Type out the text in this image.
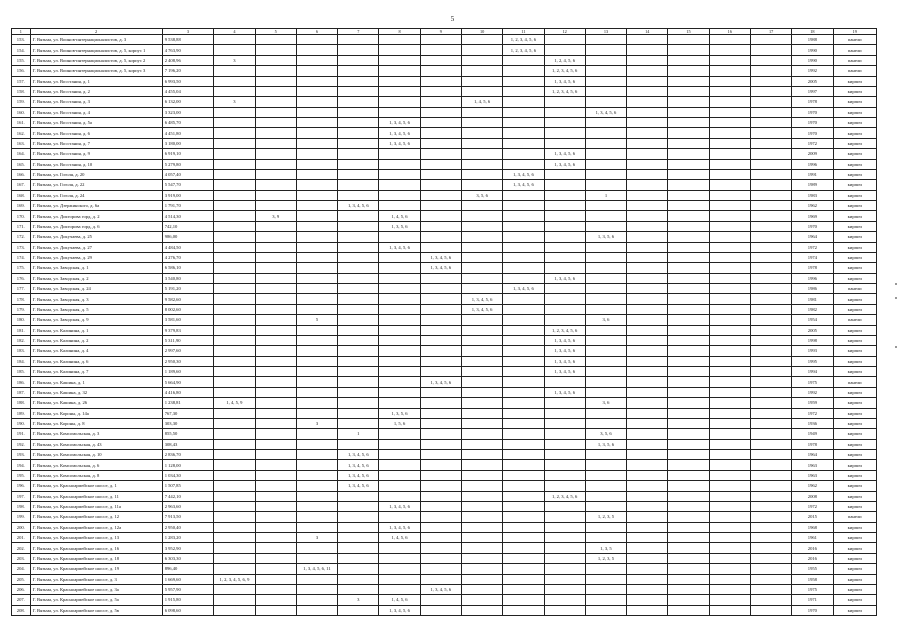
5
1	2	3	4	5	6	7	8	9	10	11	12	13	14	15	16	17	18	19
153.	Г. Вязьма, ул. Воинов-интернационалистов, д. 3	9 538,88								1, 2, 3, 4, 5, 6							1988	панели
154.	Г. Вязьма, ул. Воинов-интернационалистов, д. 5, корпус 1	4 763,90								1, 2, 3, 4, 5, 6							1990	панели
155.	Г. Вязьма, ул. Воинов-интернационалистов, д. 5, корпус 2	2 408,96	3								1, 2, 4, 5, 6						1990	панели
156.	Г. Вязьма, ул. Воинов-интернационалистов, д. 5, корпус 3	7 196,20									1, 2, 3, 4, 5, 6						1992	панели
157.	Г. Вязьма, ул. Восстания, д. 1	6 993,50									1, 3, 4, 5, 6						2005	кирпич
158.	Г. Вязьма, ул. Восстания, д. 2	4 455,04									1, 2, 3, 4, 5, 6						1997	кирпич
159.	Г. Вязьма, ул. Восстания, д. 3	6 132,00	3						1, 4, 5, 6								1978	кирпич
160.	Г. Вязьма, ул. Восстания, д. 4	3 323,00										1, 3, 4, 5, 6					1970	кирпич
161.	Г. Вязьма, ул. Восстания, д. 5а	6 485,70					1, 3, 4, 5, 6										1970	кирпич
162.	Г. Вязьма, ул. Восстания, д. 6	4 451,80					1, 3, 4, 5, 6										1970	кирпич
163.	Г. Вязьма, ул. Восстания, д. 7	3 180,00					1, 3, 4, 5, 6										1972	кирпич
164.	Г. Вязьма, ул. Восстания, д. 9	6 919,10									1, 3, 4, 5, 6						2009	кирпич
165.	Г. Вязьма, ул. Восстания, д. 10	5 279,80									1, 3, 4, 5, 6						1996	кирпич
166.	Г. Вязьма, ул. Гоголя, д. 20	4 057,40								1, 3, 4, 5, 6							1991	кирпич
167.	Г. Вязьма, ул. Гоголя, д. 22	5 547,70								1, 3, 4, 5, 6							1989	кирпич
168.	Г. Вязьма, ул. Гоголя, д. 24	3 919,00							3, 5, 6			1					1983	кирпич
169.	Г. Вязьма, ул. Дзержинского, д. 6а	1 791,70				1, 3, 4, 5, 6											1962	кирпич
170.	Г. Вязьма, ул. Докторова горд, д. 2	4 514,30		3, 9			1, 4, 5, 6										1969	кирпич
171.	Г. Вязьма, ул. Докторова горд, д. 6	742,10					1, 3, 5, 6										1970	кирпич
172.	Г. Вязьма, ул. Докучаева, д. 25	986,00										1, 3, 5, 6					1964	кирпич
173.	Г. Вязьма, ул. Докучаева, д. 27	4 484,50					1, 3, 4, 5, 6										1972	кирпич
174.	Г. Вязьма, ул. Докучаева, д. 29	4 276,70						1, 3, 4, 5, 6									1974	кирпич
175.	Г. Вязьма, ул. Заводская, д. 1	6 586,10						1, 3, 4, 5, 6									1978	кирпич
176.	Г. Вязьма, ул. Заводская, д. 2	3 540,80									1, 3, 4, 5, 6						1996	кирпич
177.	Г. Вязьма, ул. Заводская, д. 24	5 191,20								1, 3, 4, 5, 6							1986	панели
178.	Г. Вязьма, ул. Заводская, д. 3	9 582,60							1, 3, 4, 5, 6								1981	кирпич
179.	Г. Вязьма, ул. Заводская, д. 5	8 002,60							1, 3, 4, 5, 6								1982	кирпич
180.	Г. Вязьма, ул. Заводская, д. 9	3 581,60			5							3, 6					1954	панели
181.	Г. Вязьма, ул. Калинина, д. 1	9 379,83									1, 2, 3, 4, 5, 6						2005	кирпич
182.	Г. Вязьма, ул. Калинина, д. 2	5 311,90									1, 3, 4, 5, 6						1998	кирпич
183.	Г. Вязьма, ул. Калинина, д. 4	2 997,60									1, 3, 4, 5, 6						1993	кирпич
184.	Г. Вязьма, ул. Калинина, д. 6	2 950,30									1, 3, 4, 5, 6						1995	кирпич
185.	Г. Вязьма, ул. Калинина, д. 7	1 189,60									1, 3, 4, 5, 6						1994	кирпич
186.	Г. Вязьма, ул. Кашина, д. 1	5 664,90						1, 3, 4, 5, 6									1975	панели
187.	Г. Вязьма, ул. Кашина, д. 32	4 416,80									1, 3, 4, 5, 6						1992	кирпич
188.	Г. Вязьма, ул. Кашина, д. 26	1 238,81	1, 4, 5, 9									3, 6					1959	кирпич
189.	Г. Вязьма, ул. Короны, д. 14а	767,30					1, 3, 5, 6										1972	кирпич
190.	Г. Вязьма, ул. Короны, д. 8	303,30			3		1, 5, 6										1936	кирпич
191.	Г. Вязьма, ул. Комсомольская, д. 3	855,50				1						3, 5, 6					1949	кирпич
192.	Г. Вязьма, ул. Комсомольская, д. 43	308,43										1, 3, 5, 6					1978	кирпич
193.	Г. Вязьма, ул. Комсомольская, д. 10	2 836,70				1, 3, 4, 5, 6											1964	кирпич
194.	Г. Вязьма, ул. Комсомольская, д. 6	1 128,00				1, 3, 4, 5, 6											1963	кирпич
195.	Г. Вязьма, ул. Комсомольская, д. 8	1 034,30				1, 3, 4, 5, 6											1963	кирпич
196.	Г. Вязьма, ул. Красноармейское шоссе, д. 1	1 507,85				1, 3, 4, 5, 6											1962	кирпич
197.	Г. Вязьма, ул. Красноармейское шоссе, д. 11	7 442,10									1, 2, 3, 4, 5, 6						2008	кирпич
198.	Г. Вязьма, ул. Красноармейское шоссе, д. 11а	2 963,60					1, 3, 4, 5, 6										1972	кирпич
199.	Г. Вязьма, ул. Красноармейское шоссе, д. 12	7 913,50										1, 2, 3, 5					2015	панели
200.	Г. Вязьма, ул. Красноармейское шоссе, д. 12а	2 950,40					1, 3, 4, 5, 6										1968	кирпич
201.	Г. Вязьма, ул. Красноармейское шоссе, д. 13	1 283,20			3		1, 4, 5, 6										1961	кирпич
202.	Г. Вязьма, ул. Красноармейское шоссе, д. 16	3 952,90										1, 3, 5					2016	кирпич
203.	Г. Вязьма, ул. Красноармейское шоссе, д. 18	6 303,30										1, 2, 3, 5					2016	кирпич
204.	Г. Вязьма, ул. Красноармейское шоссе, д. 19	896,40			1, 3, 4, 5, 6, 11												1955	кирпич
205.	Г. Вязьма, ул. Красноармейское шоссе, д. 3	1 669,60	1, 2, 3, 4, 5, 6, 9														1958	кирпич
206.	Г. Вязьма, ул. Красноармейское шоссе, д. 3а	5 957,90						1, 3, 4, 5, 6									1975	кирпич
207.	Г. Вязьма, ул. Красноармейское шоссе, д. 5а	1 915,80				3	1, 4, 5, 6										1971	кирпич
208.	Г. Вязьма, ул. Красноармейское шоссе, д. 5в	6 098,60					1, 3, 4, 5, 6										1970	кирпич
